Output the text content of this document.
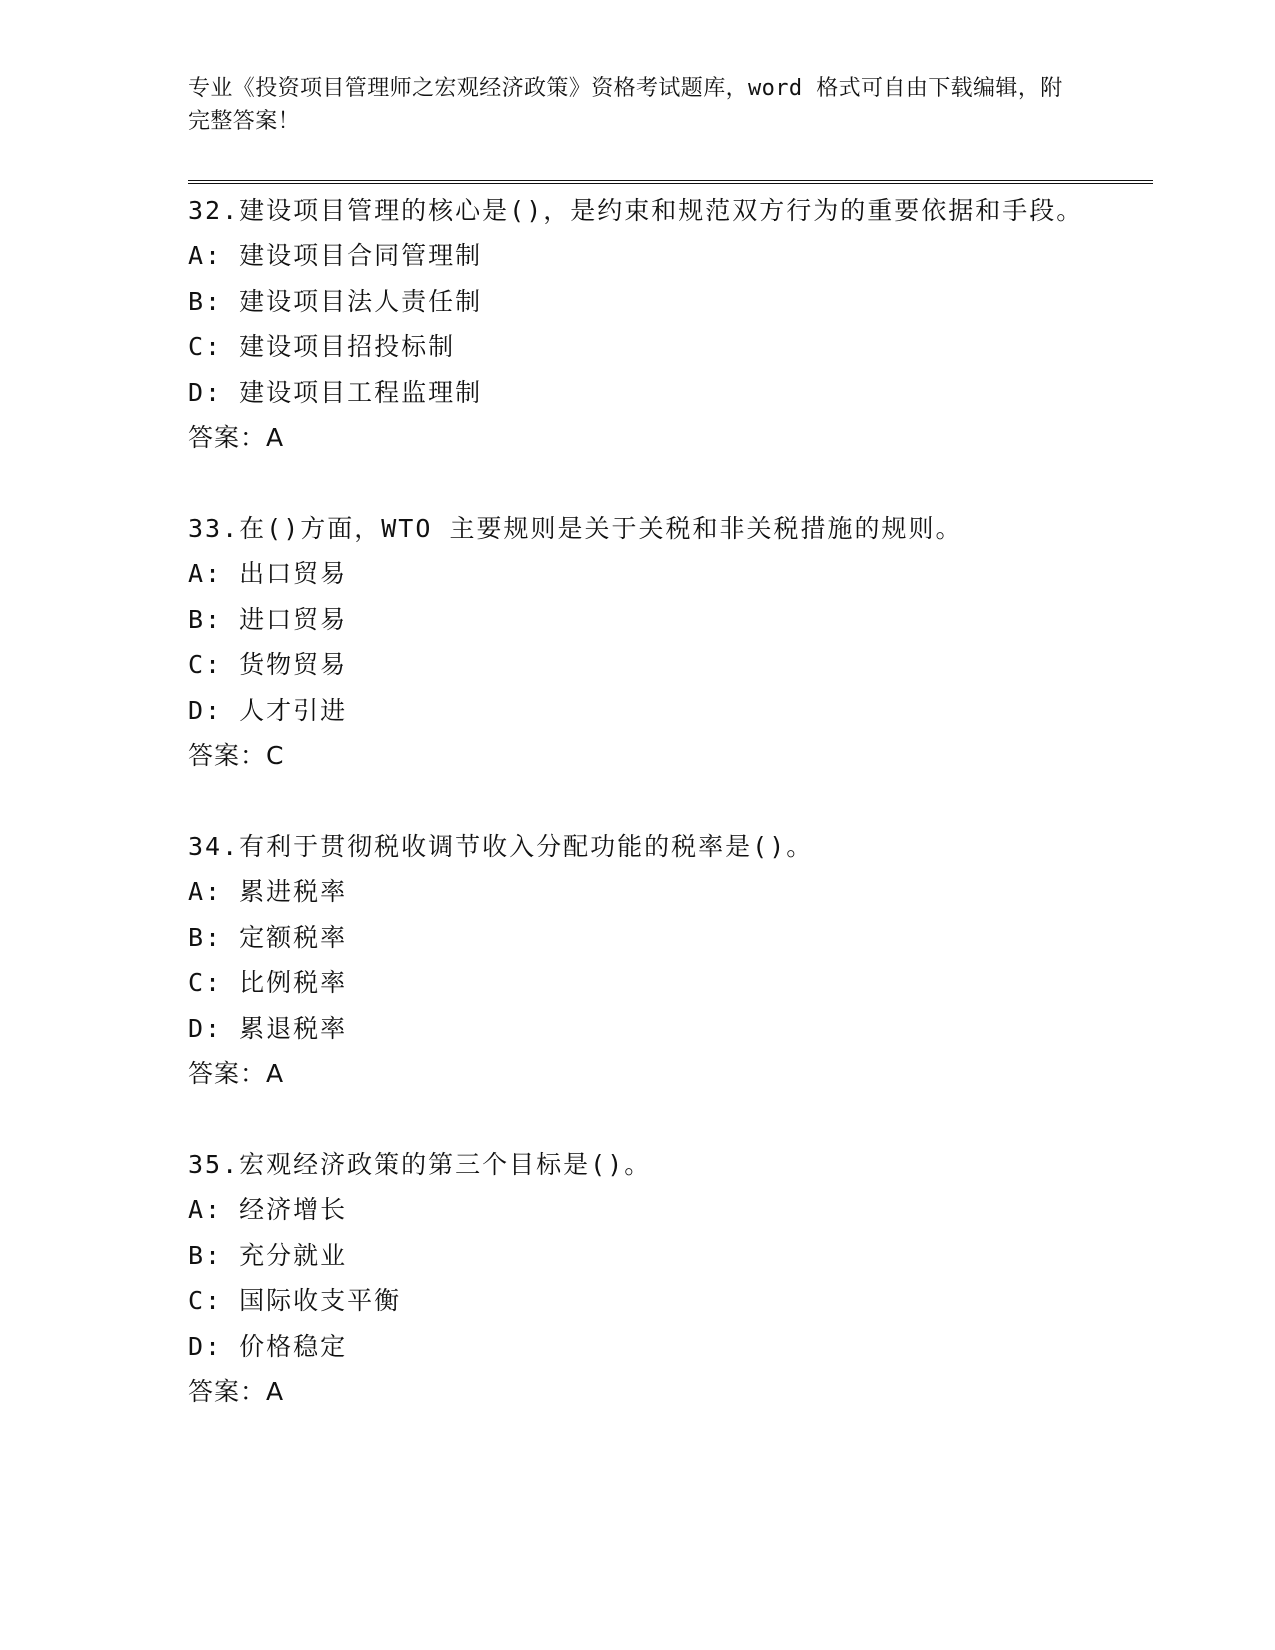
专业《投资项目管理师之宏观经济政策》资格考试题库，word 格式可自由下载编辑，附完整答案！
32.建设项目管理的核心是()，是约束和规范双方行为的重要依据和手段。
A: 建设项目合同管理制
B: 建设项目法人责任制
C: 建设项目招投标制
D: 建设项目工程监理制
答案：A
33.在()方面，WTO 主要规则是关于关税和非关税措施的规则。
A: 出口贸易
B: 进口贸易
C: 货物贸易
D: 人才引进
答案：C
34.有利于贯彻税收调节收入分配功能的税率是()。
A: 累进税率
B: 定额税率
C: 比例税率
D: 累退税率
答案：A
35.宏观经济政策的第三个目标是()。
A: 经济增长
B: 充分就业
C: 国际收支平衡
D: 价格稳定
答案：A
